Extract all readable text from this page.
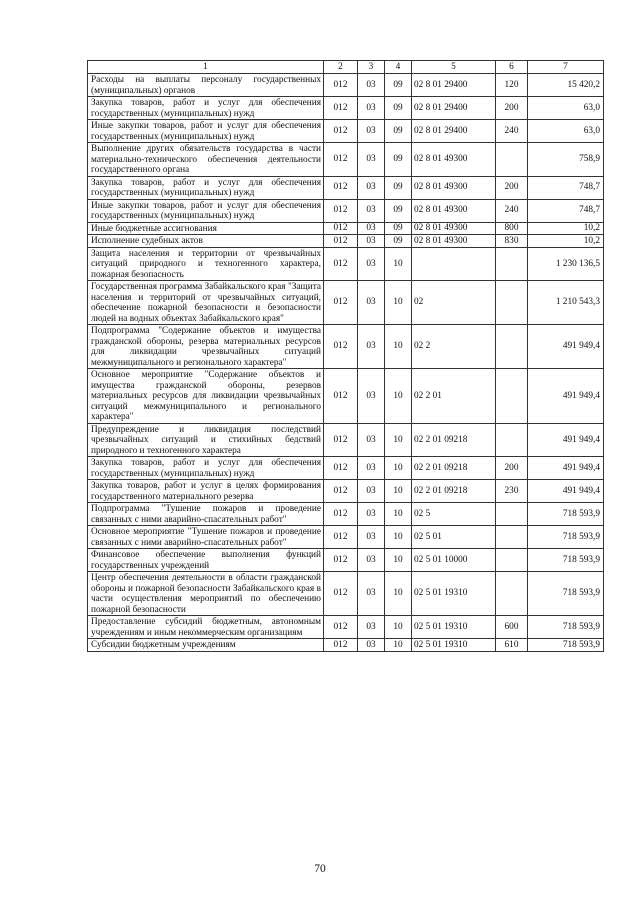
1	2	3	4	5	6	7
Расходы на выплаты персоналу государственных (муниципальных) органов	012	03	09	02 8 01 29400	120	15 420,2
Закупка товаров, работ и услуг для обеспечения государственных (муниципальных) нужд	012	03	09	02 8 01 29400	200	63,0
Иные закупки товаров, работ и услуг для обеспечения государственных (муниципальных) нужд	012	03	09	02 8 01 29400	240	63,0
Выполнение других обязательств государства в части материально-технического обеспечения деятельности государственного органа	012	03	09	02 8 01 49300		758,9
Закупка товаров, работ и услуг для обеспечения государственных (муниципальных) нужд	012	03	09	02 8 01 49300	200	748,7
Иные закупки товаров, работ и услуг для обеспечения государственных (муниципальных) нужд	012	03	09	02 8 01 49300	240	748,7
Иные бюджетные ассигнования	012	03	09	02 8 01 49300	800	10,2
Исполнение судебных актов	012	03	09	02 8 01 49300	830	10,2
Защита населения и территории от чрезвычайных ситуаций природного и техногенного характера, пожарная безопасность	012	03	10			1 230 136,5
Государственная программа Забайкальского края "Защита населения и территорий от чрезвычайных ситуаций, обеспечение пожарной безопасности и безопасности людей на водных объектах Забайкальского края"	012	03	10	02		1 210 543,3
Подпрограмма "Содержание объектов и имущества гражданской обороны, резерва материальных ресурсов для ликвидации чрезвычайных ситуаций межмуниципального и регионального характера"	012	03	10	02 2		491 949,4
Основное мероприятие "Содержание объектов и имущества гражданской обороны, резервов материальных ресурсов для ликвидации чрезвычайных ситуаций межмуниципального и регионального характера"	012	03	10	02 2 01		491 949,4
Предупреждение и ликвидация последствий чрезвычайных ситуаций и стихийных бедствий природного и техногенного характера	012	03	10	02 2 01 09218		491 949,4
Закупка товаров, работ и услуг для обеспечения государственных (муниципальных) нужд	012	03	10	02 2 01 09218	200	491 949,4
Закупка товаров, работ и услуг в целях формирования государственного материального резерва	012	03	10	02 2 01 09218	230	491 949,4
Подпрограмма "Тушение пожаров и проведение связанных с ними аварийно-спасательных работ"	012	03	10	02 5		718 593,9
Основное мероприятие "Тушение пожаров и проведение связанных с ними аварийно-спасательных работ"	012	03	10	02 5 01		718 593,9
Финансовое обеспечение выполнения функций государственных учреждений	012	03	10	02 5 01 10000		718 593,9
Центр обеспечения деятельности в области гражданской обороны и пожарной безопасности Забайкальского края в части осуществления мероприятий по обеспечению пожарной безопасности	012	03	10	02 5 01 19310		718 593,9
Предоставление субсидий бюджетным, автономным учреждениям и иным некоммерческим организациям	012	03	10	02 5 01 19310	600	718 593,9
Субсидии бюджетным учреждениям	012	03	10	02 5 01 19310	610	718 593,9
70
